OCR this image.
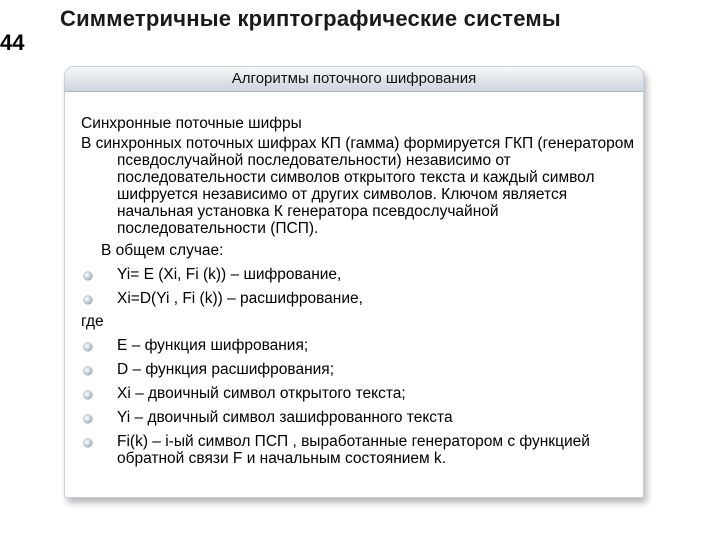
44
Симметричные криптографические системы
Алгоритмы поточного шифрования

Синхронные поточные шифры

В синхронных поточных шифрах КП (гамма) формируется ГКП (генератором псевдослучайной последовательности) независимо от последовательности символов открытого текста и каждый символ шифруется независимо от других символов. Ключом является начальная установка К генератора псевдослучайной последовательности (ПСП).

В общем случае:
Yi= E (Xi, Fi (k)) – шифрование,
Xi=D(Yi , Fi (k)) – расшифрование,
где
E – функция шифрования;
D – функция расшифрования;
Xi – двоичный символ открытого текста;
Yi – двоичный символ зашифрованного текста
Fi(k) – i-ый символ ПСП , выработанные генератором с функцией обратной связи F и начальным состоянием k.
